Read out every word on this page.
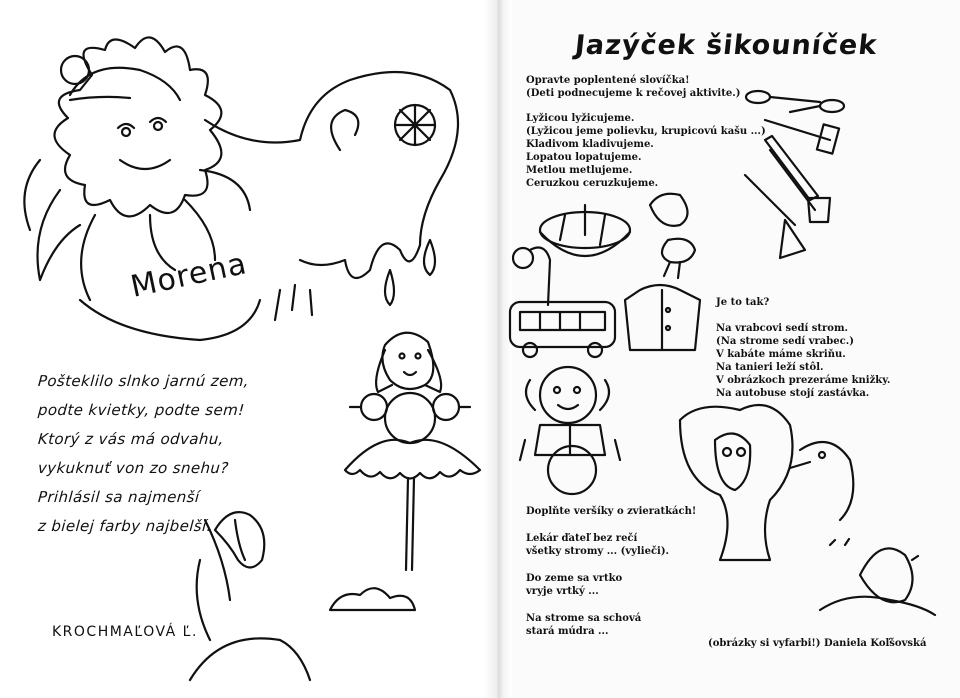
Morena
Pošteklilo slnko jarnú zem,
podte kvietky, podte sem!
Ktorý z vás má odvahu,
vykuknuť von zo snehu?
Prihlásil sa najmenší
z bielej farby najbelší.
KROCHMAĽOVÁ Ľ.
Jazýček šikouníček
Opravte poplentené slovíčka!
(Deti podnecujeme k rečovej aktivite.)
Lyžicou lyžicujeme.
(Lyžicou jeme polievku, krupicovú kašu ...)
Kladivom kladivujeme.
Lopatou lopatujeme.
Metlou metlujeme.
Ceruzkou ceruzkujeme.
Je to tak?
Na vrabcovi sedí strom.
(Na strome sedí vrabec.)
V kabáte máme skriňu.
Na tanieri leží stôl.
V obrázkoch prezeráme knižky.
Na autobuse stojí zastávka.
Doplňte veršíky o zvieratkách!
Lekár ďateľ bez rečí
všetky stromy ... (vylieči).
Do zeme sa vrtko
vryje vrtký ...
Na strome sa schová
stará múdra ...
(obrázky si vyfarbi!) Daniela Koľšovská
